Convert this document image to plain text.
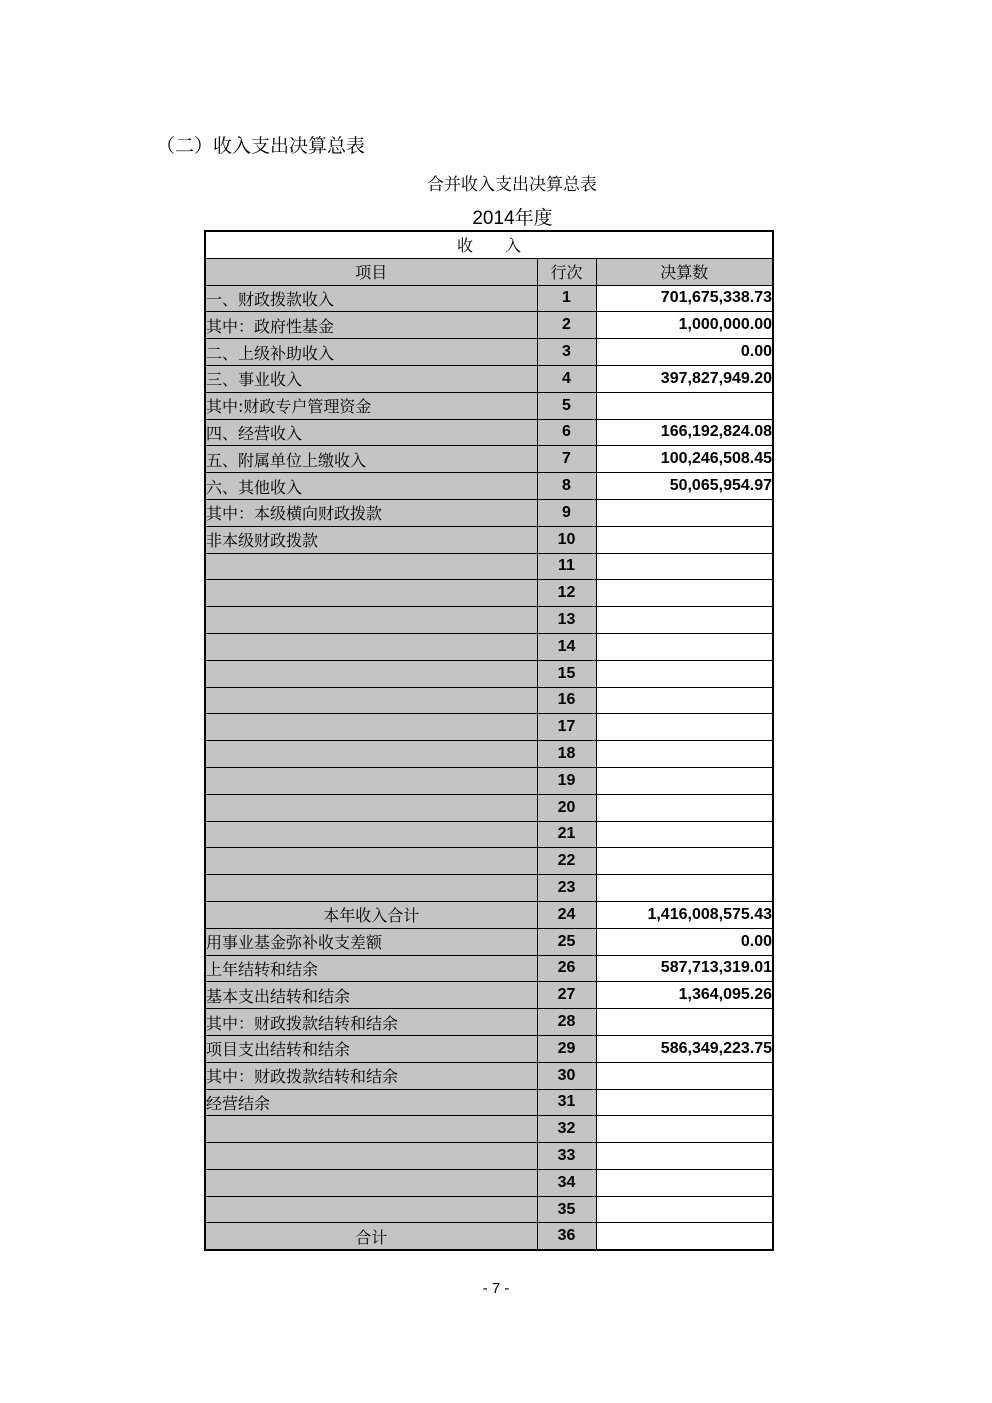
（二）收入支出决算总表
合并收入支出决算总表
2014年度
收　　入		
项目	行次	决算数
一、财政拨款收入	1	701,675,338.73
其中：政府性基金	2	1,000,000.00
二、上级补助收入	3	0.00
三、事业收入	4	397,827,949.20
其中:财政专户管理资金	5	
四、经营收入	6	166,192,824.08
五、附属单位上缴收入	7	100,246,508.45
六、其他收入	8	50,065,954.97
其中：本级横向财政拨款	9	
非本级财政拨款	10	
	11	
	12	
	13	
	14	
	15	
	16	
	17	
	18	
	19	
	20	
	21	
	22	
	23	
本年收入合计	24	1,416,008,575.43
用事业基金弥补收支差额	25	0.00
上年结转和结余	26	587,713,319.01
基本支出结转和结余	27	1,364,095.26
其中：财政拨款结转和结余	28	
项目支出结转和结余	29	586,349,223.75
其中：财政拨款结转和结余	30	
经营结余	31	
	32	
	33	
	34	
	35	
合计	36	
- 7 -
